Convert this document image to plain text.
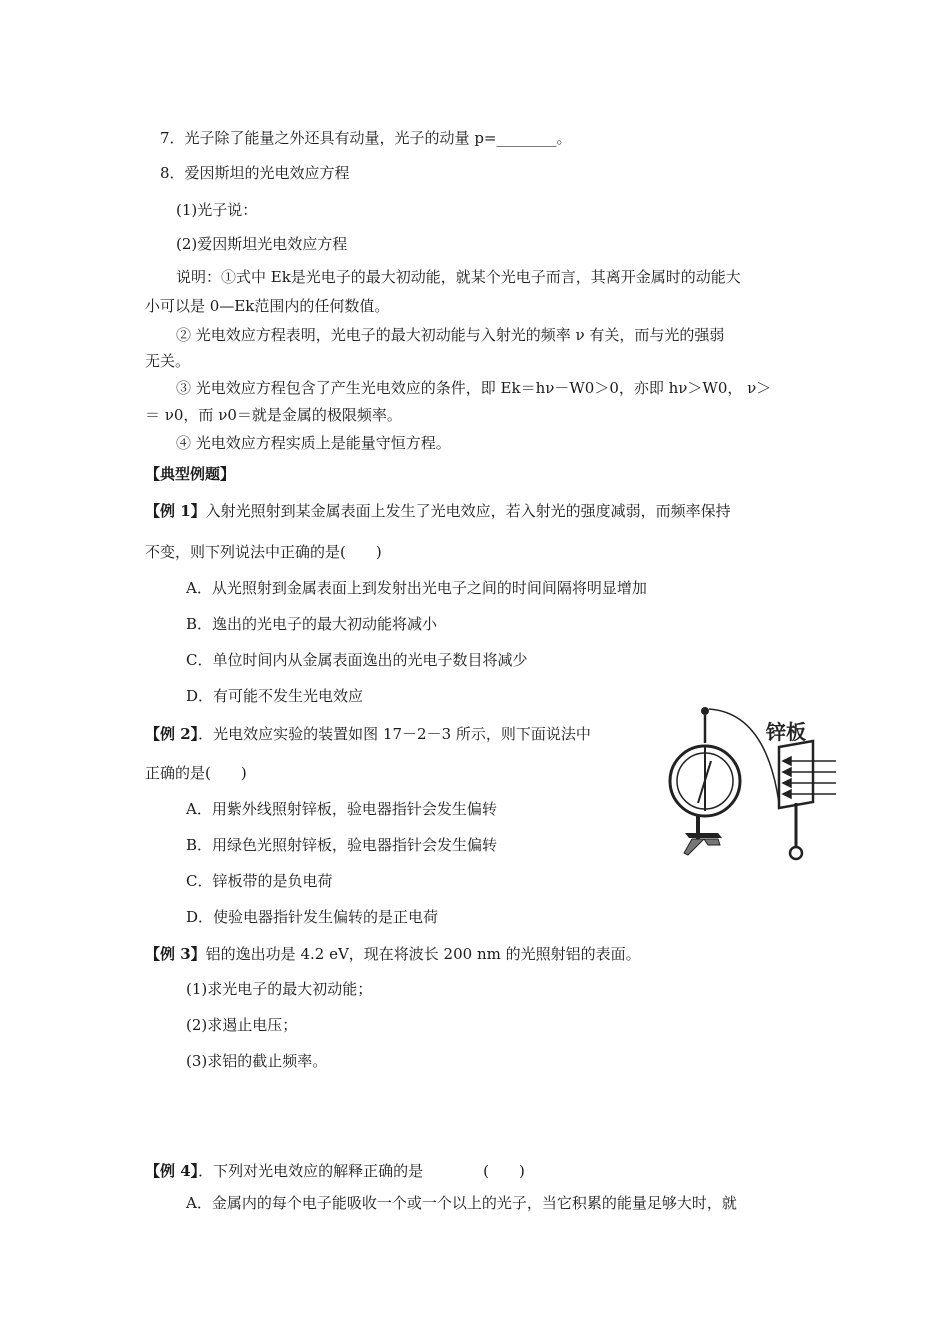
7．光子除了能量之外还具有动量，光子的动量 p=________。
8．爱因斯坦的光电效应方程
(1)光子说：
(2)爱因斯坦光电效应方程
说明：①式中 Ek是光电子的最大初动能，就某个光电子而言，其离开金属时的动能大
小可以是 0—Ek范围内的任何数值。
② 光电效应方程表明，光电子的最大初动能与入射光的频率 ν 有关，而与光的强弱
无关。
③ 光电效应方程包含了产生光电效应的条件，即 Ek＝hν－W0＞0，亦即 hν＞W0， ν＞
＝ ν0，而 ν0＝就是金属的极限频率。
④ 光电效应方程实质上是能量守恒方程。
【典型例题】
【例 1】入射光照射到某金属表面上发生了光电效应，若入射光的强度减弱，而频率保持
不变，则下列说法中正确的是(　　)
A．从光照射到金属表面上到发射出光电子之间的时间间隔将明显增加
B．逸出的光电子的最大初动能将减小
C．单位时间内从金属表面逸出的光电子数目将减少
D．有可能不发生光电效应
【例 2】．光电效应实验的装置如图 17－2－3 所示，则下面说法中
正确的是(　　)
A．用紫外线照射锌板，验电器指针会发生偏转
B．用绿色光照射锌板，验电器指针会发生偏转
C．锌板带的是负电荷
D．使验电器指针发生偏转的是正电荷
锌板
【例 3】铝的逸出功是 4.2 eV，现在将波长 200 nm 的光照射铝的表面。
(1)求光电子的最大初动能；
(2)求遏止电压；
(3)求铝的截止频率。
【例 4】．下列对光电效应的解释正确的是　　　　(　　)
A．金属内的每个电子能吸收一个或一个以上的光子，当它积累的能量足够大时，就
